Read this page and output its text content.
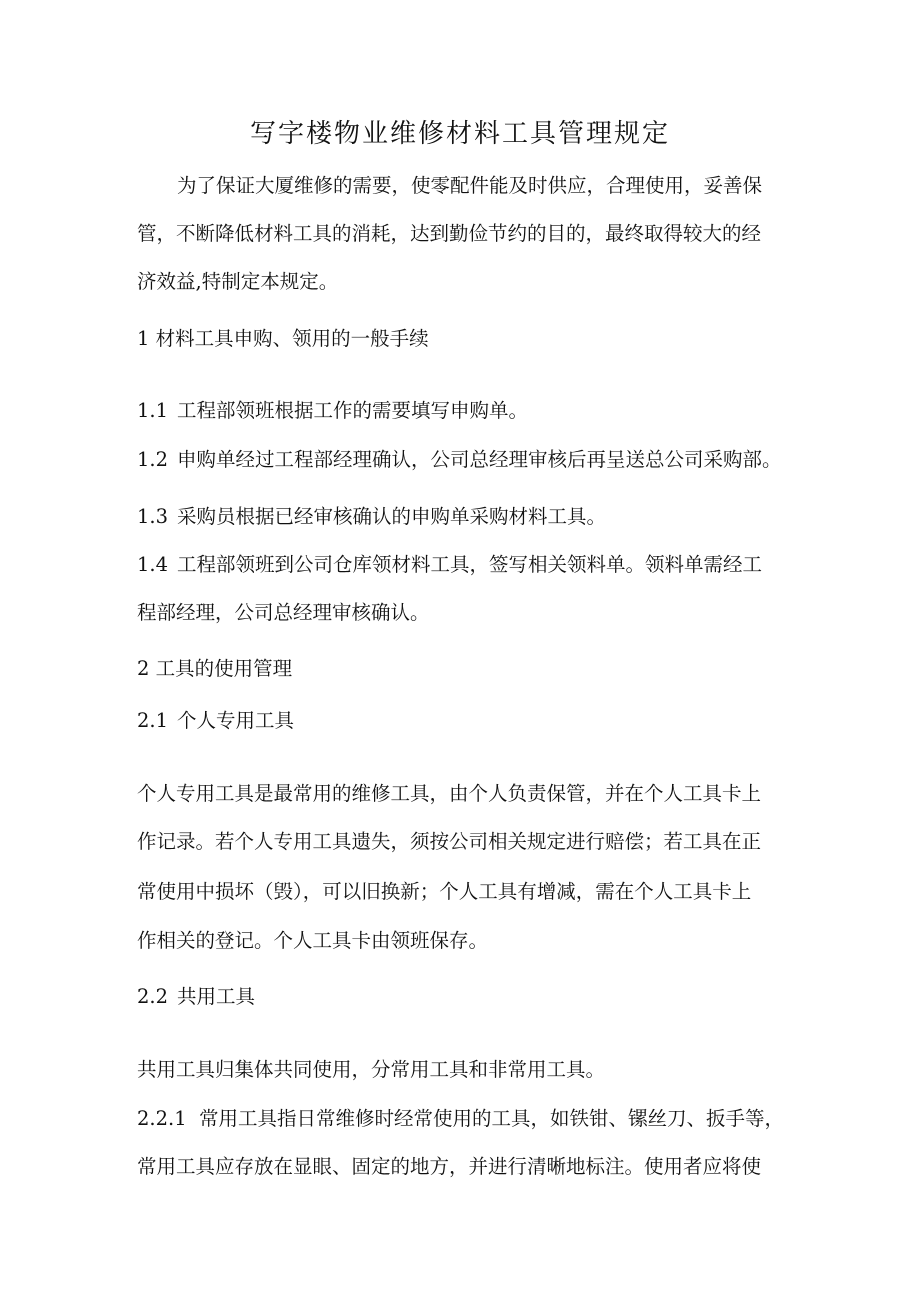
写字楼物业维修材料工具管理规定

为了保证大厦维修的需要，使零配件能及时供应，合理使用，妥善保

管，不断降低材料工具的消耗，达到勤俭节约的目的，最终取得较大的经

济效益,特制定本规定。

1 材料工具申购、领用的一般手续

1.1 工程部领班根据工作的需要填写申购单。

1.2 申购单经过工程部经理确认，公司总经理审核后再呈送总公司采购部。

1.3 采购员根据已经审核确认的申购单采购材料工具。

1.4 工程部领班到公司仓库领材料工具，签写相关领料单。领料单需经工

程部经理，公司总经理审核确认。

2 工具的使用管理

2.1 个人专用工具

个人专用工具是最常用的维修工具，由个人负责保管，并在个人工具卡上

作记录。若个人专用工具遗失，须按公司相关规定进行赔偿；若工具在正

常使用中损坏（毁），可以旧换新；个人工具有增减，需在个人工具卡上

作相关的登记。个人工具卡由领班保存。

2.2 共用工具

共用工具归集体共同使用，分常用工具和非常用工具。

2.2.1 常用工具指日常维修时经常使用的工具，如铁钳、镙丝刀、扳手等，

常用工具应存放在显眼、固定的地方，并进行清晰地标注。使用者应将使
